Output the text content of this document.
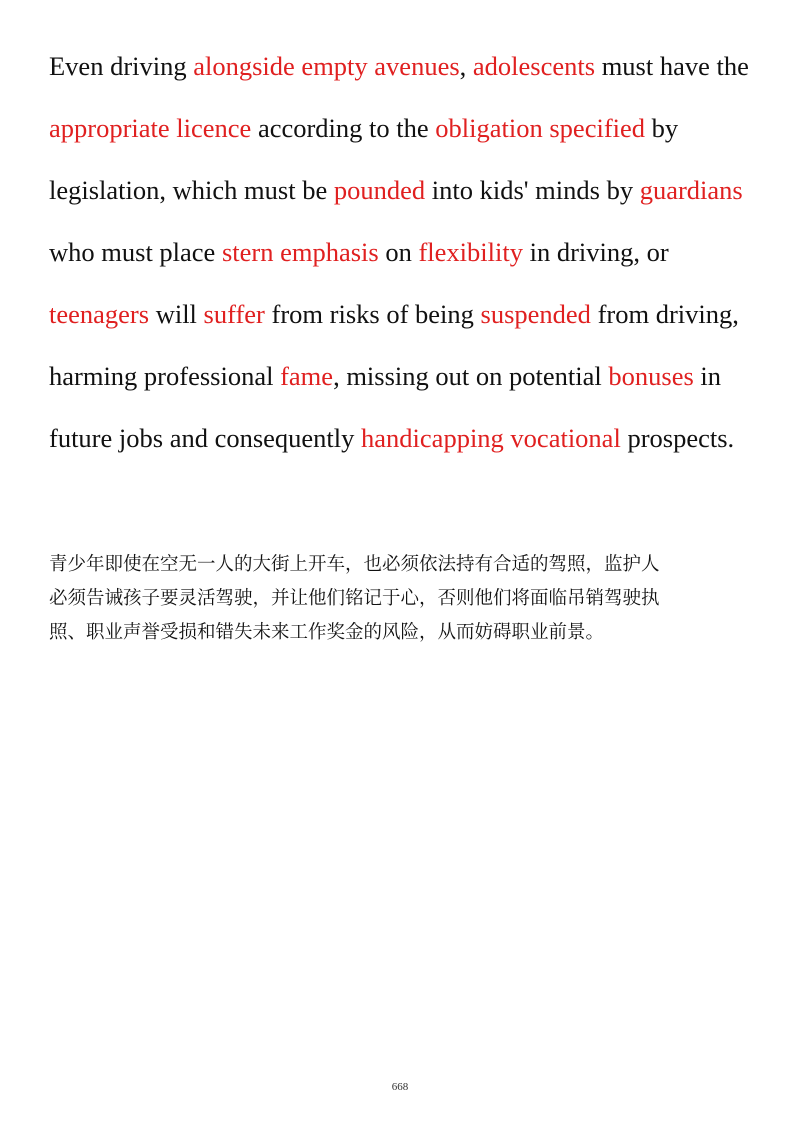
Even driving alongside empty avenues, adolescents must have the
appropriate licence according to the obligation specified by
legislation, which must be pounded into kids' minds by guardians
who must place stern emphasis on flexibility in driving, or
teenagers will suffer from risks of being suspended from driving,
harming professional fame, missing out on potential bonuses in
future jobs and consequently handicapping vocational prospects.
青少年即使在空无一人的大街上开车，也必须依法持有合适的驾照，监护人
必须告诫孩子要灵活驾驶，并让他们铭记于心，否则他们将面临吊销驾驶执
照、职业声誉受损和错失未来工作奖金的风险，从而妨碍职业前景。
668
